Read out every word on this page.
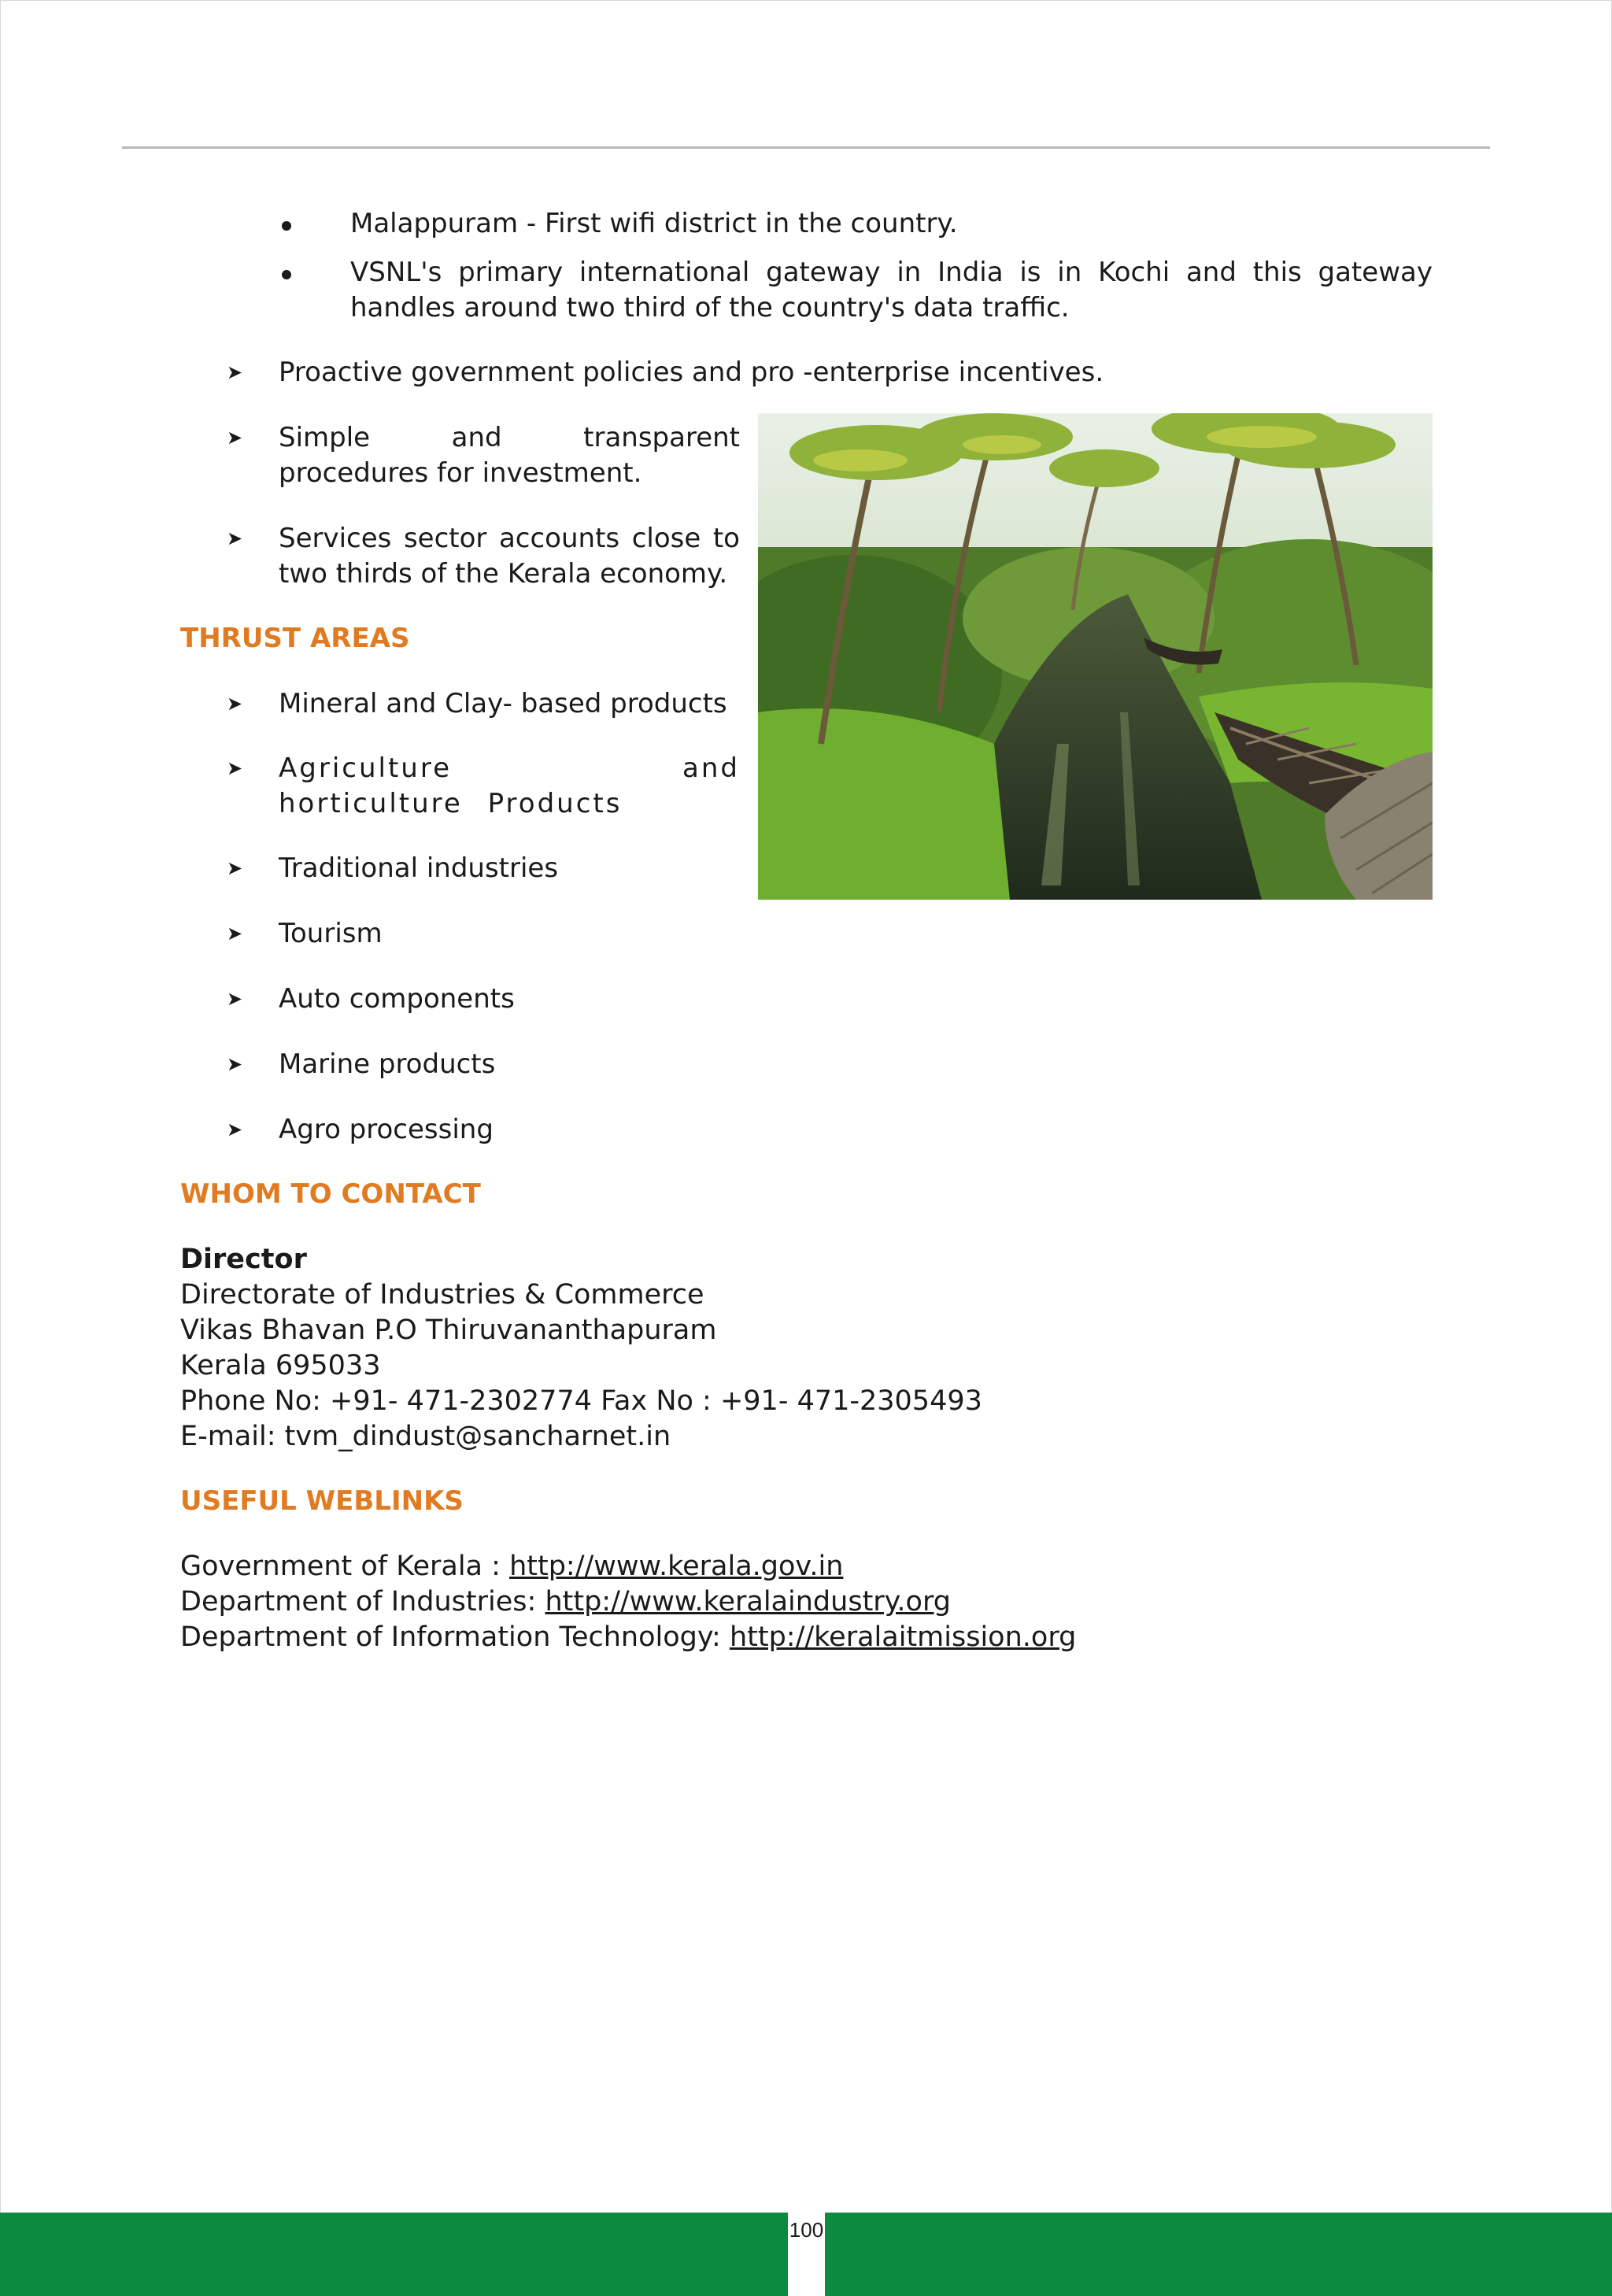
Malappuram - First wifi district in the country.
VSNL's primary international gateway in India is in Kochi and this gateway handles around two third of the country's data traffic.
➤ Proactive government policies and pro -enterprise incentives.
➤ Simple and transparent procedures for investment.
➤ Services sector accounts close to two thirds of the Kerala economy.
THRUST AREAS
➤ Mineral and Clay- based products
➤ Agriculture and horticulture Products
➤ Traditional industries
➤ Tourism
➤ Auto components
➤ Marine products
➤ Agro processing
WHOM TO CONTACT
Director
Directorate of Industries & Commerce
Vikas Bhavan P.O Thiruvananthapuram
Kerala 695033
Phone No: +91- 471-2302774 Fax No : +91- 471-2305493
E-mail: tvm_dindust@sancharnet.in
USEFUL WEBLINKS
Government of Kerala : http://www.kerala.gov.in
Department of Industries: http://www.keralaindustry.org
Department of Information Technology: http://keralaitmission.org
100
